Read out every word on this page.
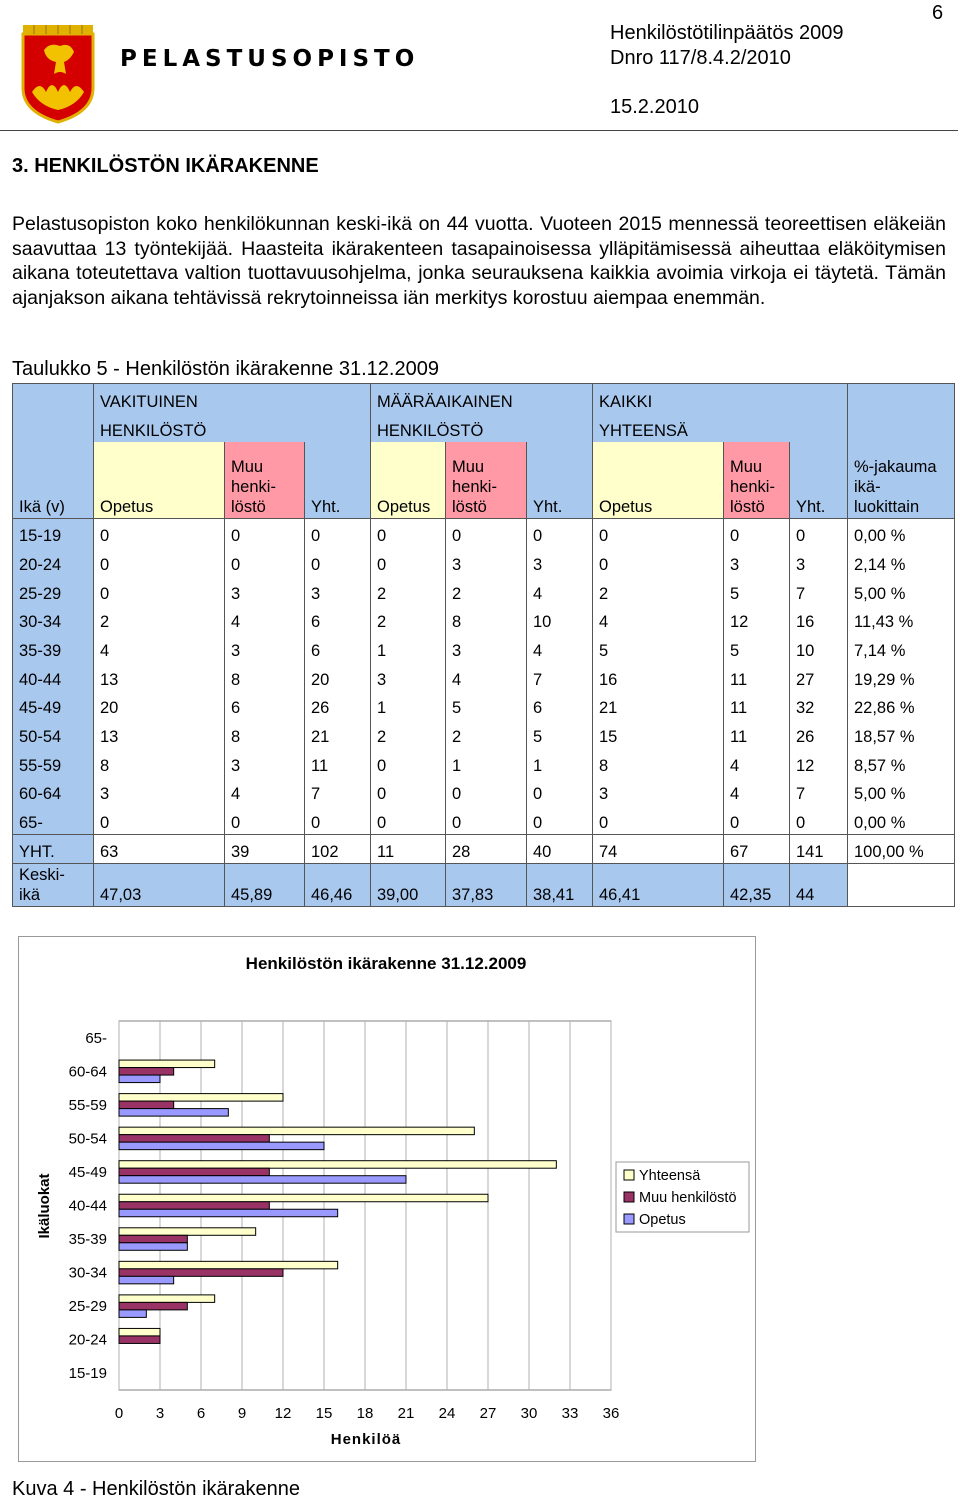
6
PELASTUSOPISTO
Henkilöstötilinpäätös 2009
Dnro 117/8.4.2/2010
15.2.2010
3. HENKILÖSTÖN IKÄRAKENNE

Pelastusopiston koko henkilökunnan keski-ikä on 44 vuotta. Vuoteen 2015 mennessä teoreettisen eläkeiän saavuttaa 13 työntekijää. Haasteita ikärakenteen tasapainoisessa ylläpitämisessä aiheuttaa eläköitymisen aikana toteutettava valtion tuottavuusohjelma, jonka seurauksena kaikkia avoimia virkoja ei täytetä. Tämän ajanjakson aikana tehtävissä rekrytoinneissa iän merkitys korostuu aiempaa enemmän.

Taulukko 5 - Henkilöstön ikärakenne 31.12.2009
	VAKITUINEN			MÄÄRÄAIKAINEN			KAIKKI			
	HENKILÖSTÖ			HENKILÖSTÖ			YHTEENSÄ			
Ikä (v)	Opetus	Muu
henki-
löstö	Yht.	Opetus	Muu
henki-
löstö	Yht.	Opetus	Muu
henki-
löstö	Yht.	%-jakauma
ikä-
luokittain
15-19	0	0	0	0	0	0	0	0	0	0,00 %
20-24	0	0	0	0	3	3	0	3	3	2,14 %
25-29	0	3	3	2	2	4	2	5	7	5,00 %
30-34	2	4	6	2	8	10	4	12	16	11,43 %
35-39	4	3	6	1	3	4	5	5	10	7,14 %
40-44	13	8	20	3	4	7	16	11	27	19,29 %
45-49	20	6	26	1	5	6	21	11	32	22,86 %
50-54	13	8	21	2	2	5	15	11	26	18,57 %
55-59	8	3	11	0	1	1	8	4	12	8,57 %
60-64	3	4	7	0	0	0	3	4	7	5,00 %
65-	0	0	0	0	0	0	0	0	0	0,00 %
YHT.	63	39	102	11	28	40	74	67	141	100,00 %
Keski-
ikä	47,03	45,89	46,46	39,00	37,83	38,41	46,41	42,35	44	
15-19
20-24
25-29
30-34
35-39
40-44
45-49
50-54
55-59
60-64
65-
0 3 6 9 12 15 18 21 24 27 30 33 36
Henkilöstön ikärakenne 31.12.2009
Henkilöä
Ikäluokat	Yhteensä
Muu henkilöstö
Opetus
Kuva 4 - Henkilöstön ikärakenne
